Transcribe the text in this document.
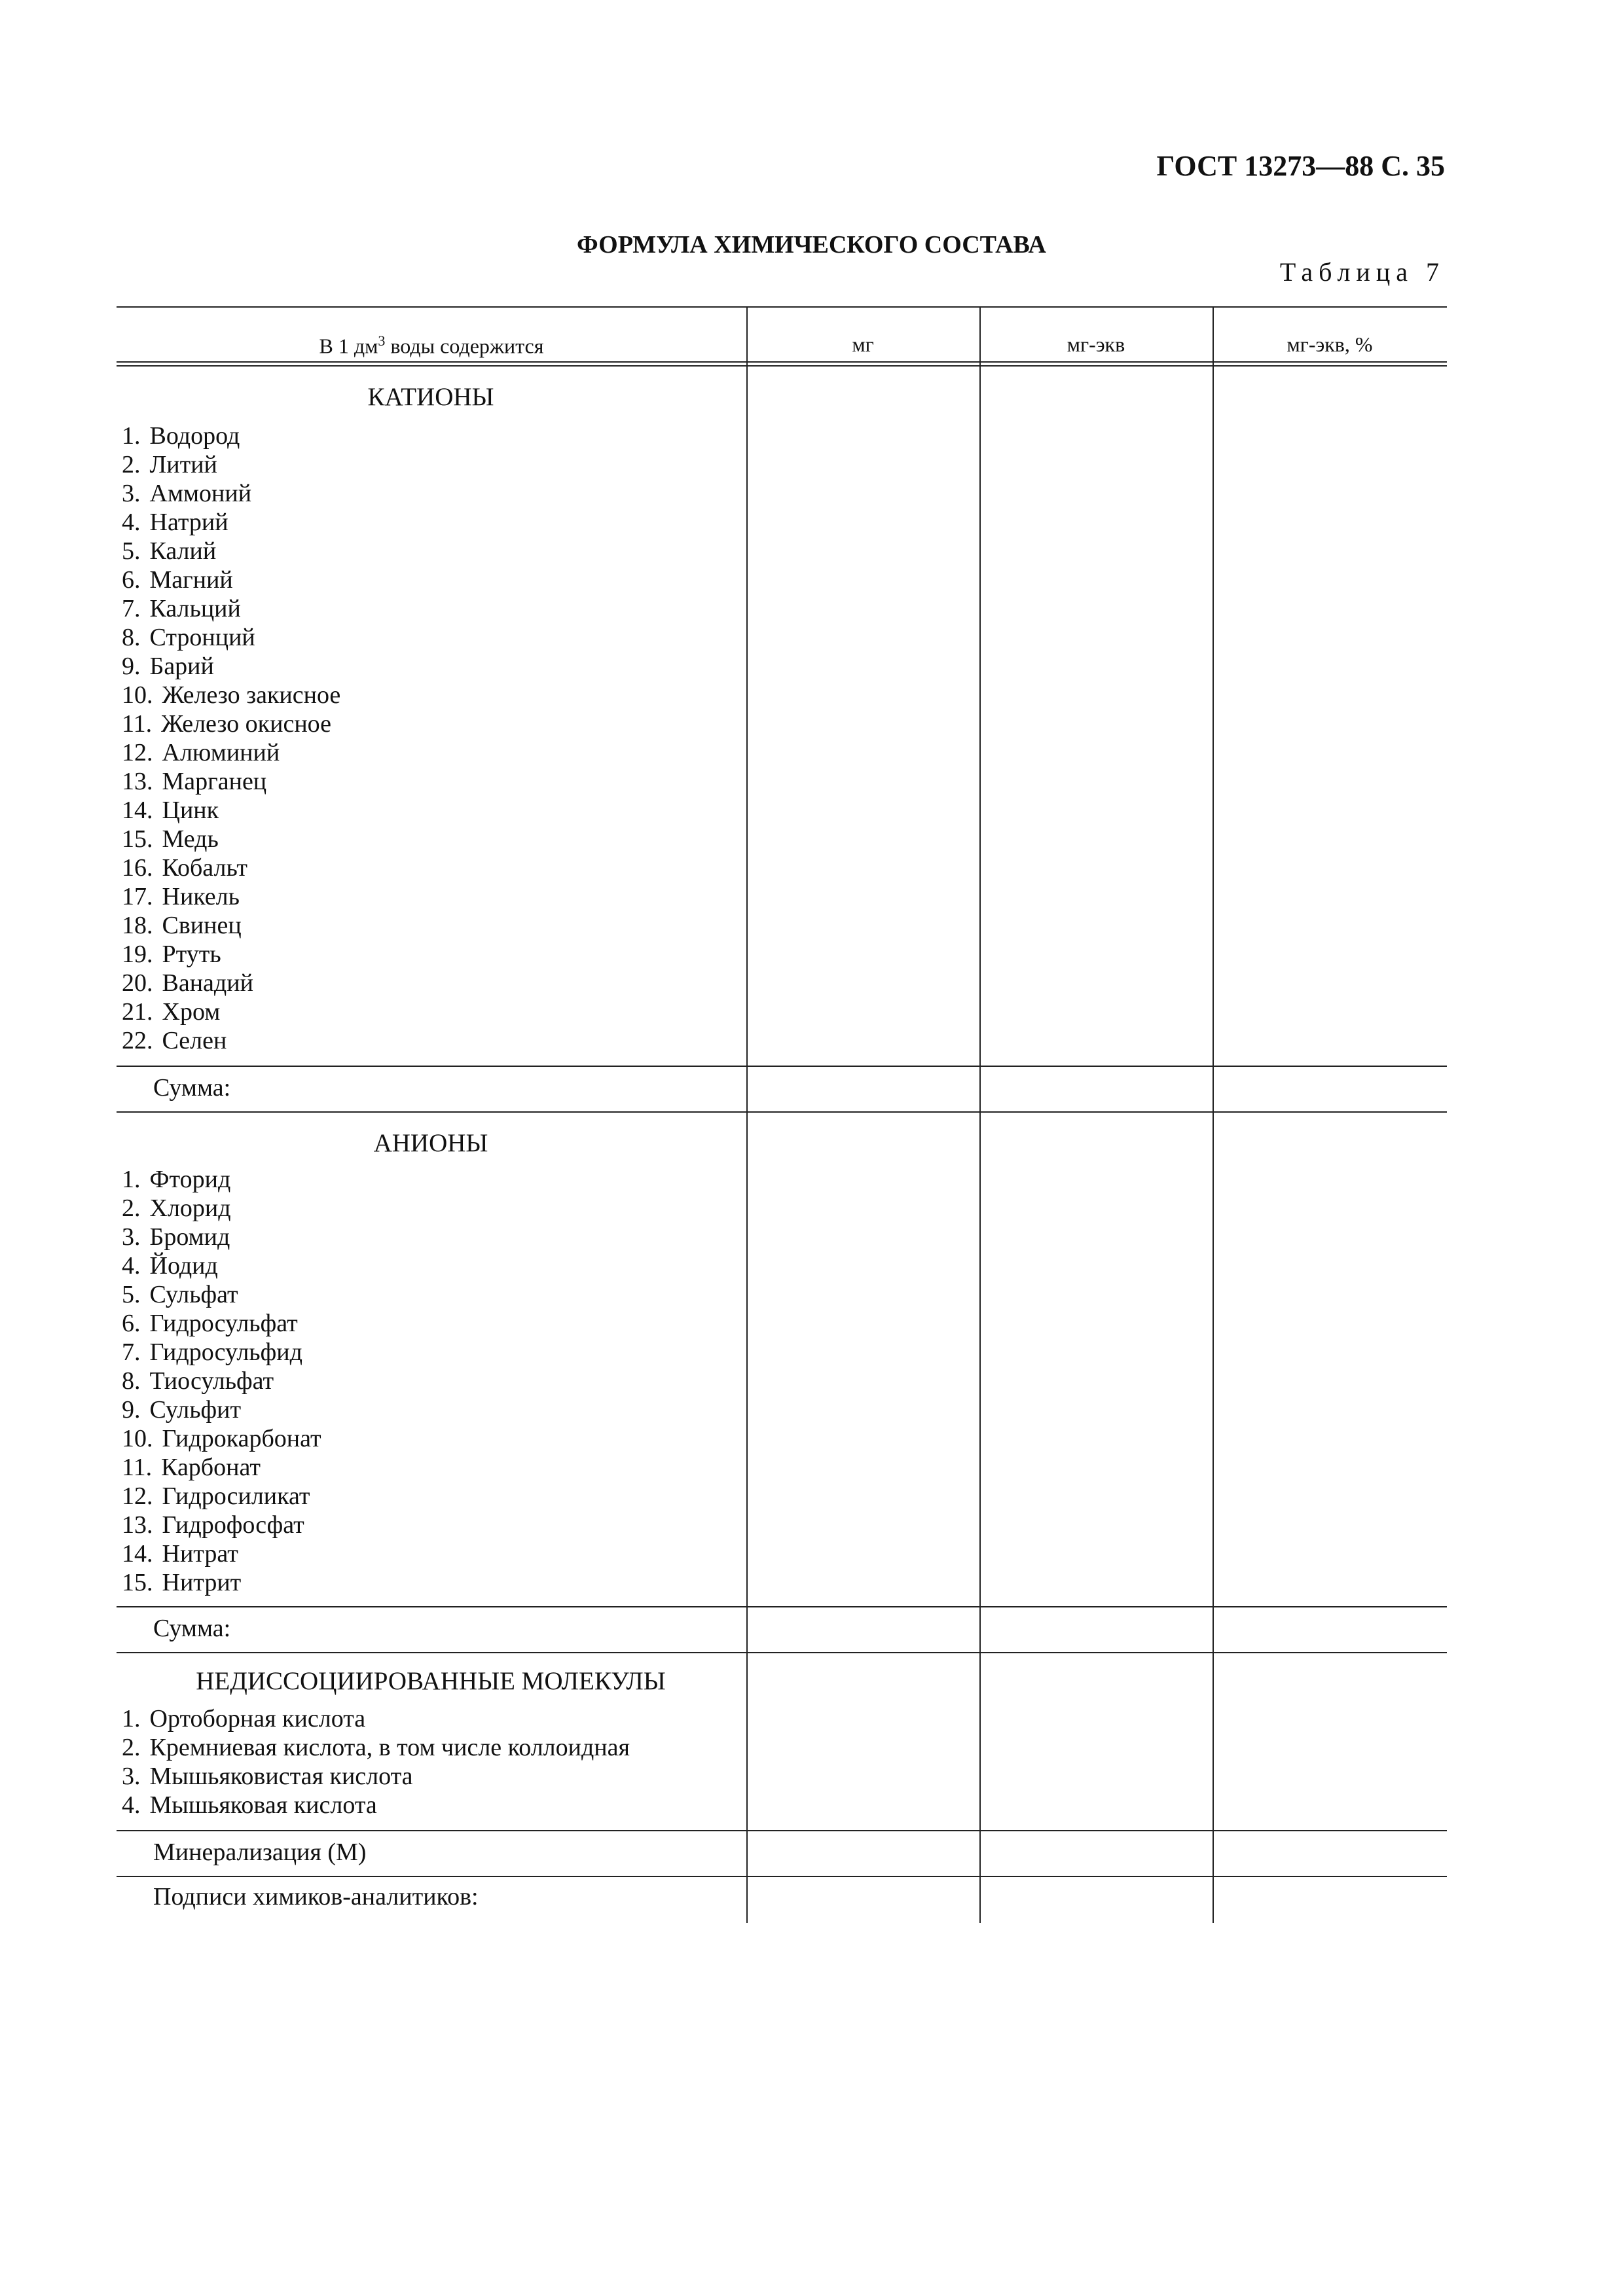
ГОСТ 13273—88 С. 35
ФОРМУЛА ХИМИЧЕСКОГО СОСТАВА
Таблица 7
В 1 $дм^3$ воды содержится	мг	мг-экв	мг-экв, %
КАТИОНЫ
1. Водород
2. Литий
3. Аммоний
4. Натрий
5. Калий
6. Магний
7. Кальций
8. Стронций
9. Барий
10. Железо закисное
11. Железо окисное
12. Алюминий
13. Марганец
14. Цинк
15. Медь
16. Кобальт
17. Никель
18. Свинец
19. Ртуть
20. Ванадий
21. Хром
22. Селен
Сумма:
АНИОНЫ
1. Фторид
2. Хлорид
3. Бромид
4. Йодид
5. Сульфат
6. Гидросульфат
7. Гидросульфид
8. Тиосульфат
9. Сульфит
10. Гидрокарбонат
11. Карбонат
12. Гидросиликат
13. Гидрофосфат
14. Нитрат
15. Нитрит
Сумма:
НЕДИССОЦИИРОВАННЫЕ МОЛЕКУЛЫ
1. Ортоборная кислота
2. Кремниевая кислота, в том числе коллоидная
3. Мышьяковистая кислота
4. Мышьяковая кислота
Минерализация (М)
Подписи химиков-аналитиков:
